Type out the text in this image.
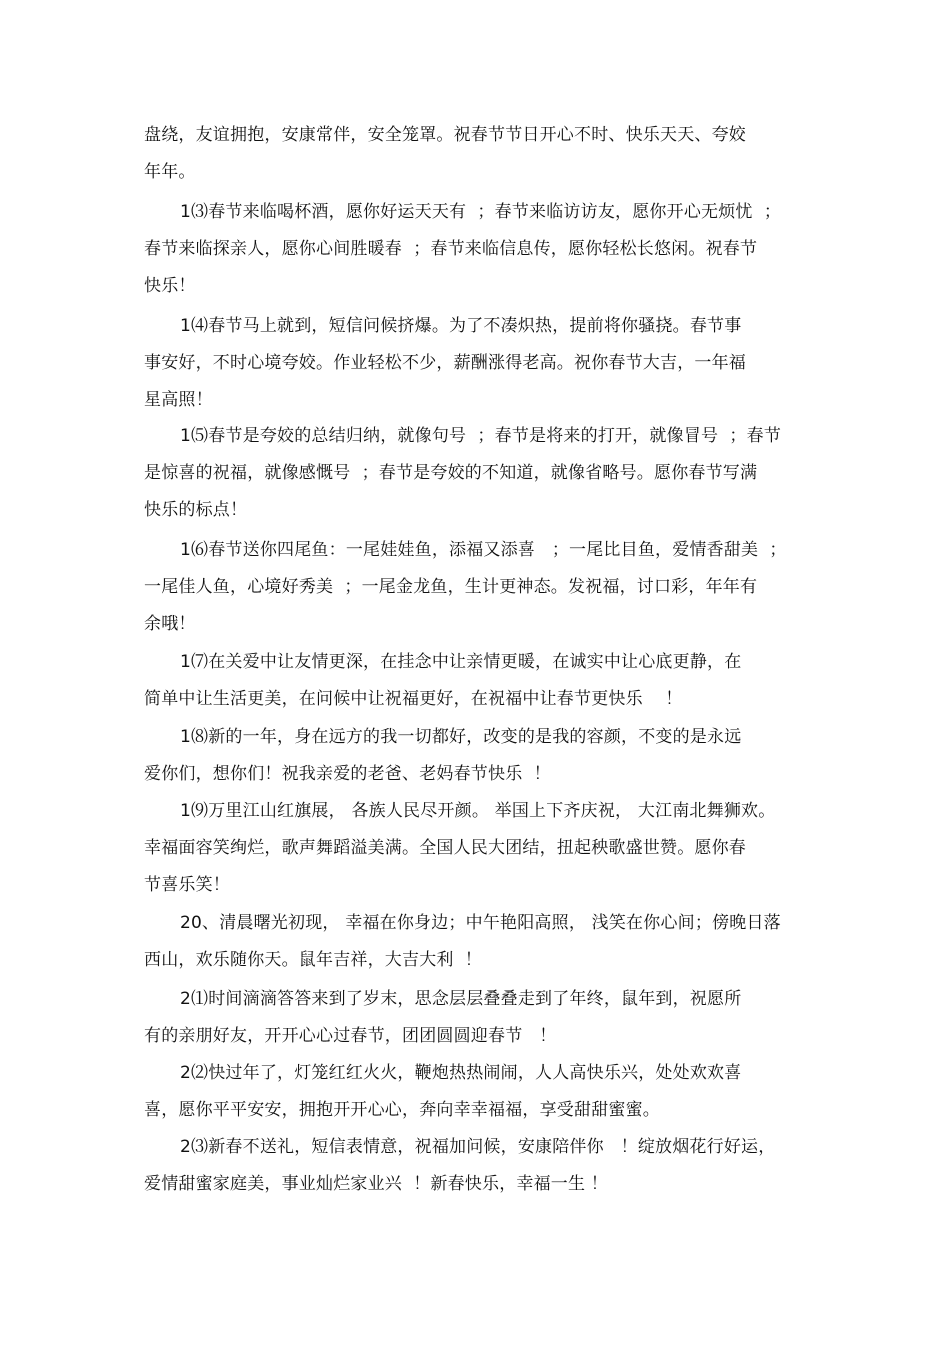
盘绕，友谊拥抱，安康常伴，安全笼罩。祝春节节日开心不时、快乐天天、夸姣
年年。
1⑶春节来临喝杯酒，愿你好运天天有  ；春节来临访访友，愿你开心无烦忧  ；
春节来临探亲人，愿你心间胜暖春  ；春节来临信息传，愿你轻松长悠闲。祝春节
快乐！
1⑷春节马上就到，短信问候挤爆。为了不凑炽热，提前将你骚挠。春节事
事安好，不时心境夸姣。作业轻松不少，薪酬涨得老高。祝你春节大吉，一年福
星高照！
1⑸春节是夸姣的总结归纳，就像句号  ；春节是将来的打开，就像冒号  ；春节
是惊喜的祝福，就像感慨号  ；春节是夸姣的不知道，就像省略号。愿你春节写满
快乐的标点！
1⑹春节送你四尾鱼：一尾娃娃鱼，添福又添喜   ；一尾比目鱼，爱情香甜美  ；
一尾佳人鱼，心境好秀美  ；一尾金龙鱼，生计更神态。发祝福，讨口彩，年年有
余哦！
1⑺在关爱中让友情更深，在挂念中让亲情更暖，在诚实中让心底更静，在
简单中让生活更美，在问候中让祝福更好，在祝福中让春节更快乐    ！
1⑻新的一年，身在远方的我一切都好，改变的是我的容颜，不变的是永远
爱你们，想你们！祝我亲爱的老爸、老妈春节快乐  ！
1⑼万里江山红旗展， 各族人民尽开颜。 举国上下齐庆祝， 大江南北舞狮欢。
幸福面容笑绚烂，歌声舞蹈溢美满。全国人民大团结，扭起秧歌盛世赞。愿你春
节喜乐笑！
20、清晨曙光初现， 幸福在你身边；中午艳阳高照， 浅笑在你心间；傍晚日落
西山，欢乐随你天。鼠年吉祥，大吉大利  ！
2⑴时间滴滴答答来到了岁末，思念层层叠叠走到了年终，鼠年到，祝愿所
有的亲朋好友，开开心心过春节，团团圆圆迎春节   ！
2⑵快过年了，灯笼红红火火，鞭炮热热闹闹，人人高快乐兴，处处欢欢喜
喜，愿你平平安安，拥抱开开心心，奔向幸幸福福，享受甜甜蜜蜜。
2⑶新春不送礼，短信表情意，祝福加问候，安康陪伴你   ！绽放烟花行好运，
爱情甜蜜家庭美，事业灿烂家业兴  ！新春快乐，幸福一生 ！
